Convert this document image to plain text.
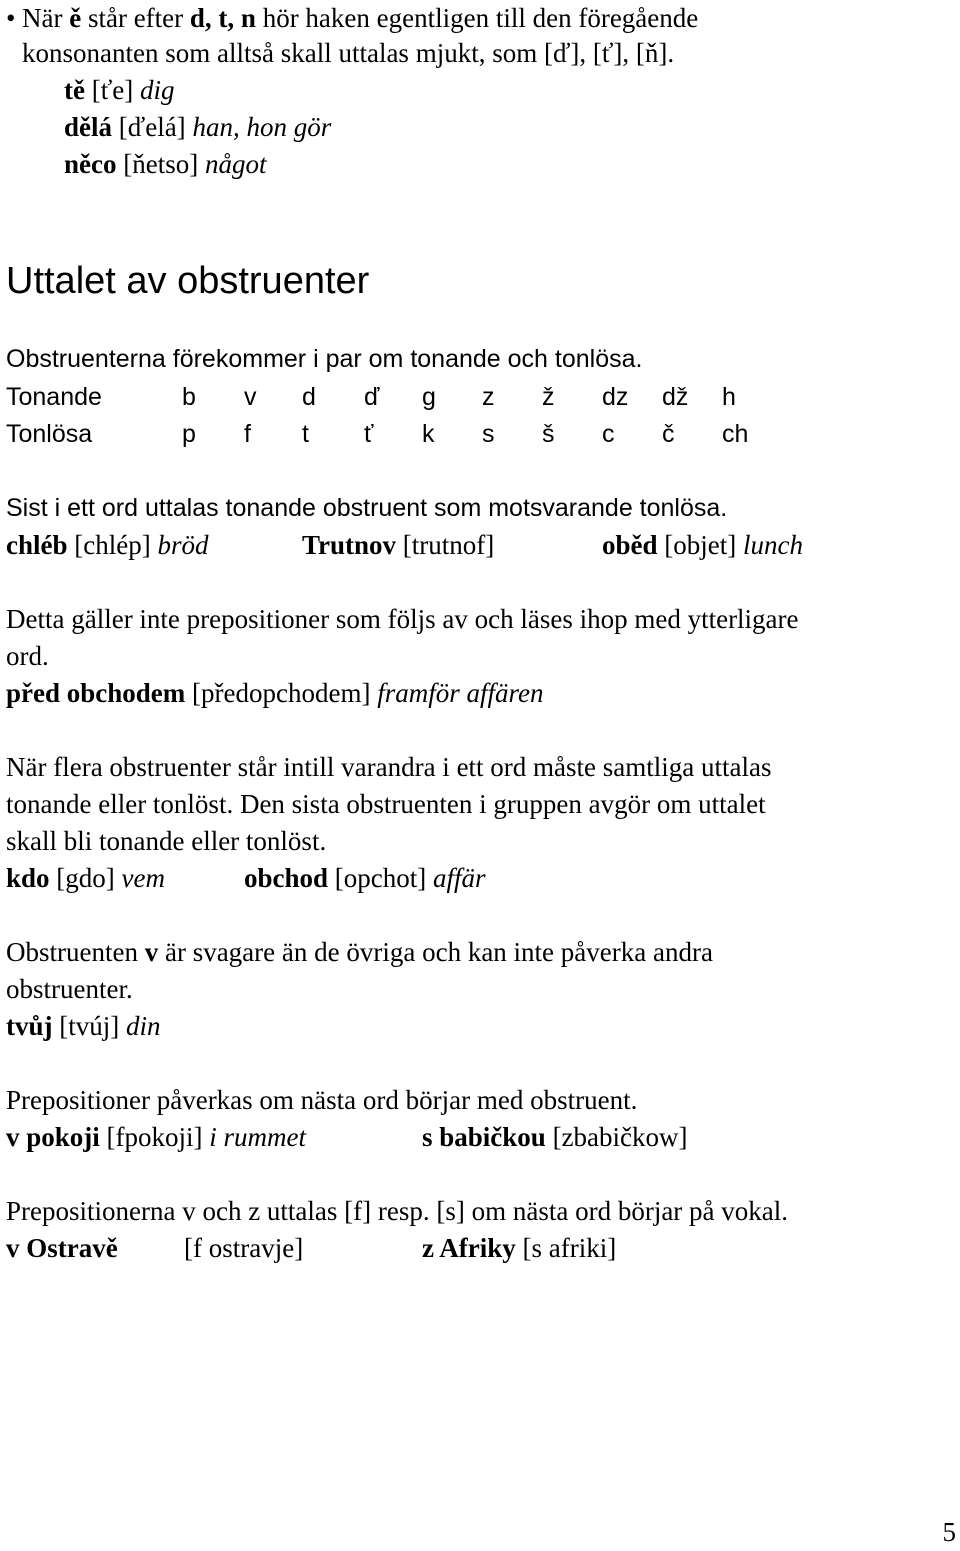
• När ě står efter d, t, n hör haken egentligen till den föregående
konsonanten som alltså skall uttalas mjukt, som [ď], [ť], [ň].
tě [ťe] dig
dělá [ďelá] han, hon gör
něco [ňetso] något
Uttalet av obstruenter
Obstruenterna förekommer i par om tonande och tonlösa.
Tonande	b v d ď g z ž dz dž h
Tonlösa	p f t ť k s š c č ch
Sist i ett ord uttalas tonande obstruent som motsvarande tonlösa.
chléb [chlép] bröd	Trutnov [trutnof]	oběd [objet] lunch
Detta gäller inte prepositioner som följs av och läses ihop med ytterligare
ord.
před obchodem [předopchodem] framför affären
När flera obstruenter står intill varandra i ett ord måste samtliga uttalas
tonande eller tonlöst. Den sista obstruenten i gruppen avgör om uttalet
skall bli tonande eller tonlöst.
kdo [gdo] vem	obchod [opchot] affär
Obstruenten v är svagare än de övriga och kan inte påverka andra
obstruenter.
tvůj [tvúj] din
Prepositioner påverkas om nästa ord börjar med obstruent.
v pokoji [fpokoji] i rummet	s babičkou [zbabičkow]
Prepositionerna v och z uttalas [f] resp. [s] om nästa ord börjar på vokal.
v Ostravě [f ostravje]	z Afriky [s afriki]
5
